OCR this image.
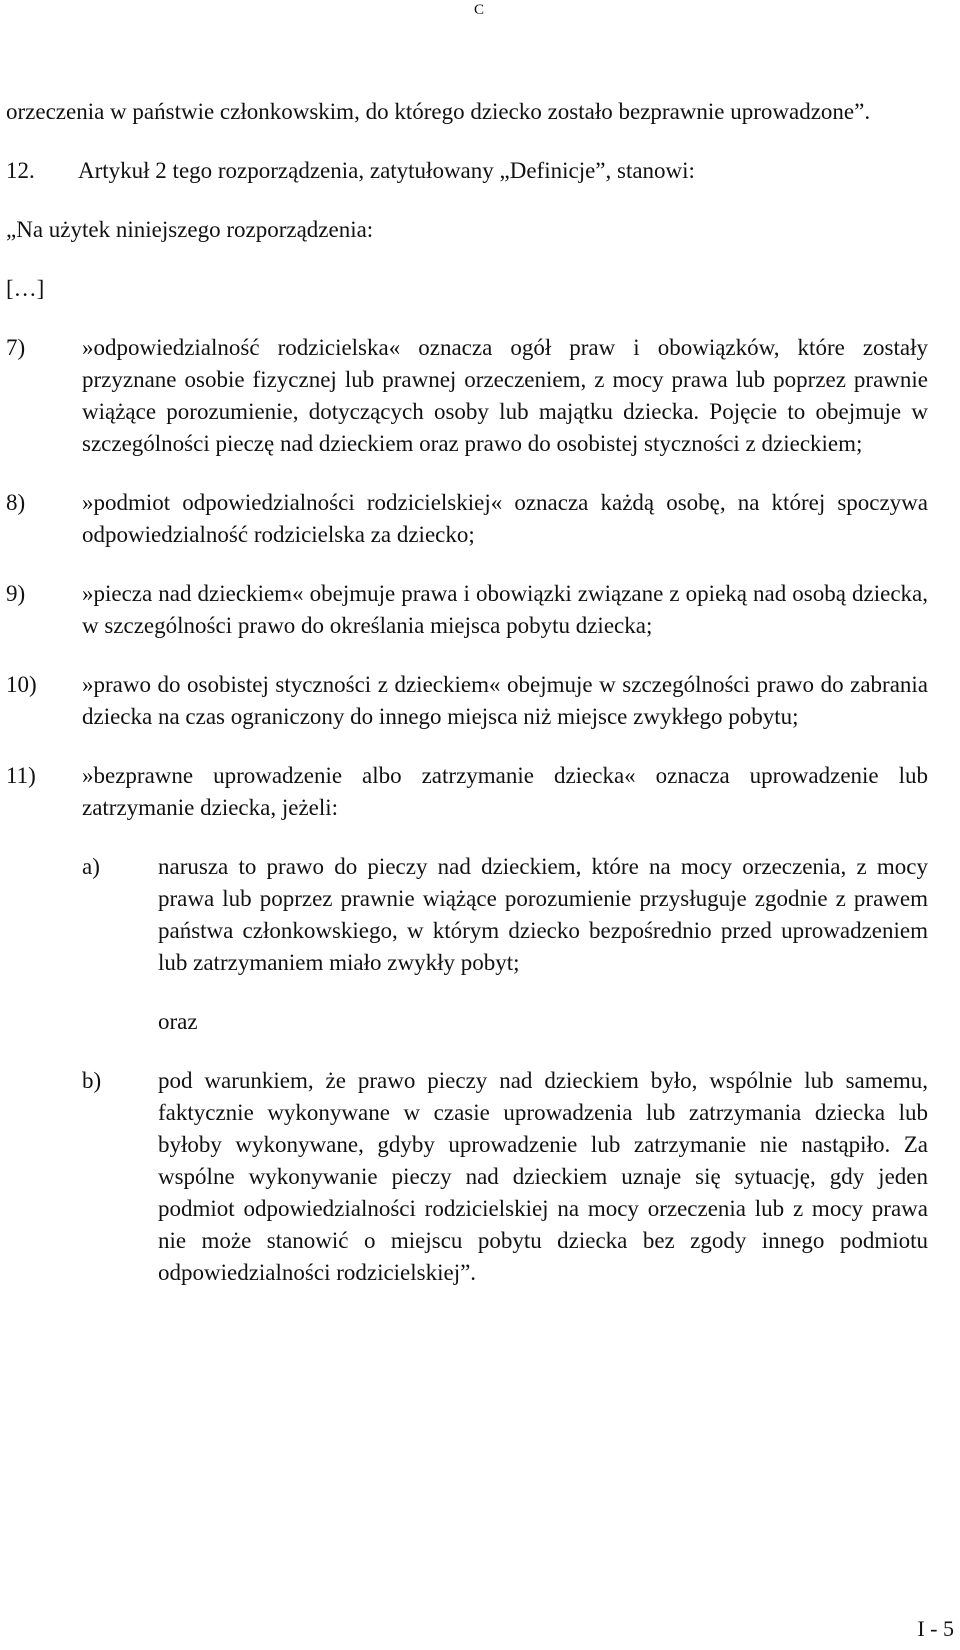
C

orzeczenia w państwie członkowskim, do którego dziecko zostało bezprawnie uprowadzone”.

12. Artykuł 2 tego rozporządzenia, zatytułowany „Definicje”, stanowi:

„Na użytek niniejszego rozporządzenia:

[…]

7)	»odpowiedzialność rodzicielska« oznacza ogół praw i obowiązków, które zostały przyznane osobie fizycznej lub prawnej orzeczeniem, z mocy prawa lub poprzez prawnie wiążące porozumienie, dotyczących osoby lub majątku dziecka. Pojęcie to obejmuje w szczególności pieczę nad dzieckiem oraz prawo do osobistej styczności z dzieckiem;
8)	»podmiot odpowiedzialności rodzicielskiej« oznacza każdą osobę, na której spoczywa odpowiedzialność rodzicielska za dziecko;
9)	»piecza nad dzieckiem« obejmuje prawa i obowiązki związane z opieką nad osobą dziecka, w szczególności prawo do określania miejsca pobytu dziecka;
10)	»prawo do osobistej styczności z dzieckiem« obejmuje w szczególności prawo do zabrania dziecka na czas ograniczony do innego miejsca niż miejsce zwykłego pobytu;
11)	»bezprawne uprowadzenie albo zatrzymanie dziecka« oznacza uprowadzenie lub zatrzymanie dziecka, jeżeli:
a)	narusza to prawo do pieczy nad dzieckiem, które na mocy orzeczenia, z mocy prawa lub poprzez prawnie wiążące porozumienie przysługuje zgodnie z prawem państwa członkowskiego, w którym dziecko bezpośrednio przed uprowadzeniem lub zatrzymaniem miało zwykły pobyt;

oraz

b)	pod warunkiem, że prawo pieczy nad dzieckiem było, wspólnie lub samemu, faktycznie wykonywane w czasie uprowadzenia lub zatrzymania dziecka lub byłoby wykonywane, gdyby uprowadzenie lub zatrzymanie nie nastąpiło. Za wspólne wykonywanie pieczy nad dzieckiem uznaje się sytuację, gdy jeden podmiot odpowiedzialności rodzicielskiej na mocy orzeczenia lub z mocy prawa nie może stanowić o miejscu pobytu dziecka bez zgody innego podmiotu odpowiedzialności rodzicielskiej”.
I - 5
